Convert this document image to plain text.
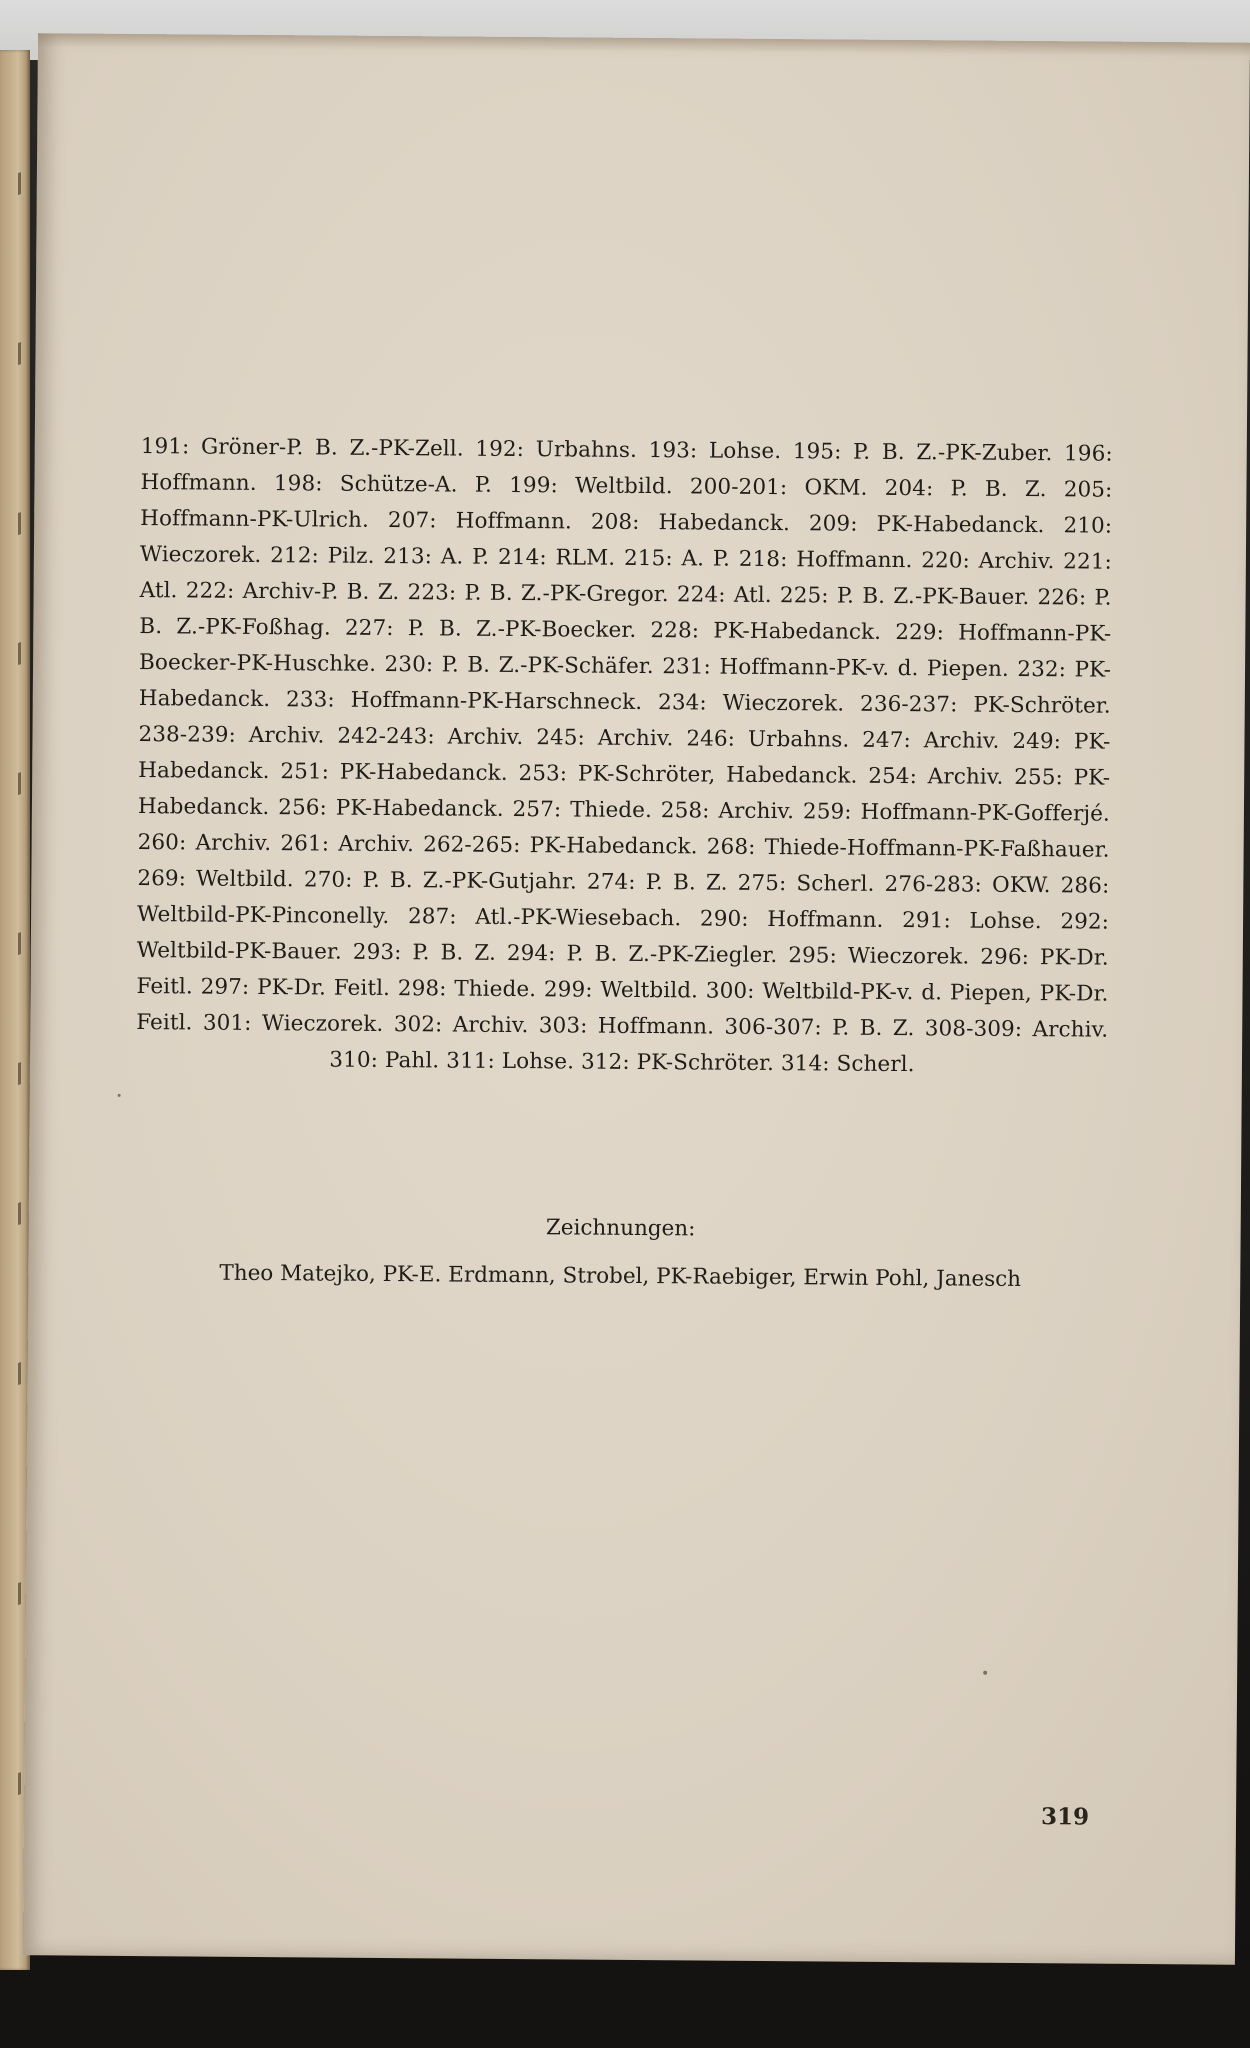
191: Gröner-P. B. Z.-PK-Zell. 192: Urbahns. 193: Lohse. 195: P. B. Z.-PK-Zuber. 196: Hoffmann. 198: Schütze-A. P. 199: Weltbild. 200-201: OKM. 204: P. B. Z. 205: Hoffmann-PK-Ulrich. 207: Hoffmann. 208: Habedanck. 209: PK-Habedanck. 210: Wieczorek. 212: Pilz. 213: A. P. 214: RLM. 215: A. P. 218: Hoffmann. 220: Archiv. 221: Atl. 222: Archiv-P. B. Z. 223: P. B. Z.-PK-Gregor. 224: Atl. 225: P. B. Z.-PK-Bauer. 226: P. B. Z.-PK-Foßhag. 227: P. B. Z.-PK-Boecker. 228: PK-Habedanck. 229: Hoffmann-PK-Boecker-PK-Huschke. 230: P. B. Z.-PK-Schäfer. 231: Hoffmann-PK-v. d. Piepen. 232: PK-Habedanck. 233: Hoffmann-PK-Harschneck. 234: Wieczorek. 236-237: PK-Schröter. 238-239: Archiv. 242-243: Archiv. 245: Archiv. 246: Urbahns. 247: Archiv. 249: PK-Habedanck. 251: PK-Habedanck. 253: PK-Schröter, Habedanck. 254: Archiv. 255: PK-Habedanck. 256: PK-Habedanck. 257: Thiede. 258: Archiv. 259: Hoffmann-PK-Gofferjé. 260: Archiv. 261: Archiv. 262-265: PK-Habedanck. 268: Thiede-Hoffmann-PK-Faßhauer. 269: Weltbild. 270: P. B. Z.-PK-Gutjahr. 274: P. B. Z. 275: Scherl. 276-283: OKW. 286: Weltbild-PK-Pinconelly. 287: Atl.-PK-Wiesebach. 290: Hoffmann. 291: Lohse. 292: Weltbild-PK-Bauer. 293: P. B. Z. 294: P. B. Z.-PK-Ziegler. 295: Wieczorek. 296: PK-Dr. Feitl. 297: PK-Dr. Feitl. 298: Thiede. 299: Weltbild. 300: Weltbild-PK-v. d. Piepen, PK-Dr. Feitl. 301: Wieczorek. 302: Archiv. 303: Hoffmann. 306-307: P. B. Z. 308-309: Archiv. 310: Pahl. 311: Lohse. 312: PK-Schröter. 314: Scherl.

Zeichnungen:

Theo Matejko, PK-E. Erdmann, Strobel, PK-Raebiger, Erwin Pohl, Janesch

319
